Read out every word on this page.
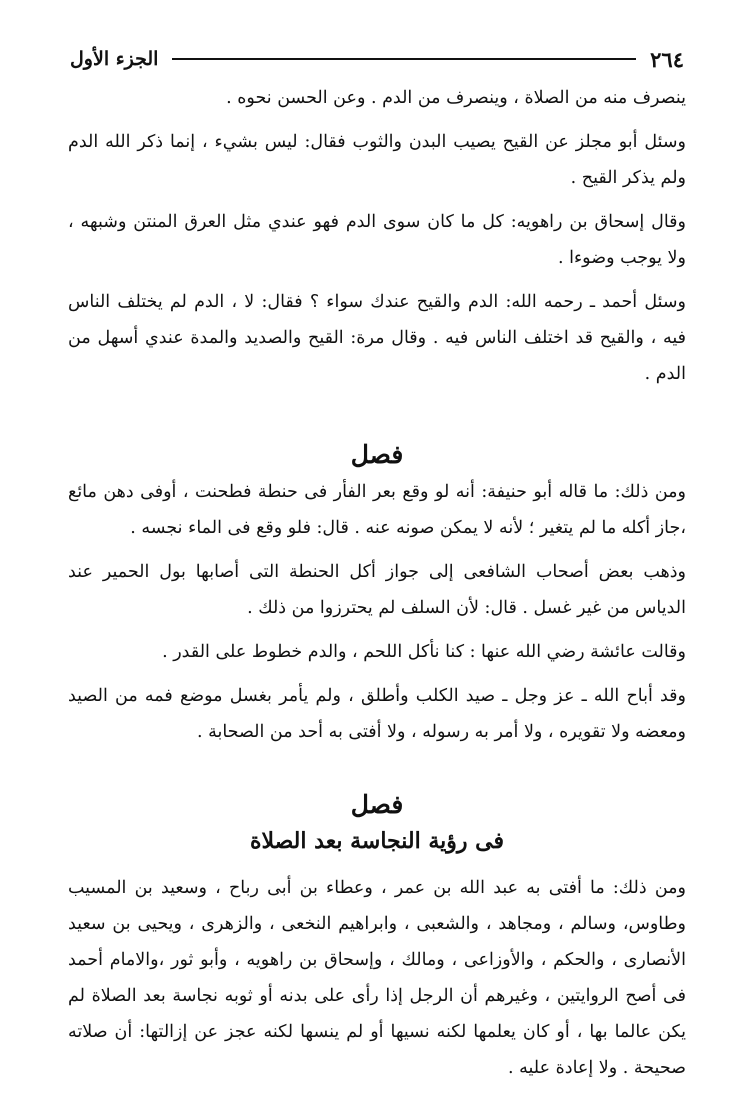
٢٦٤
الجزء الأول

ينصرف منه من الصلاة ، وينصرف من الدم . وعن الحسن نحوه .

وسئل أبو مجلز عن القيح يصيب البدن والثوب فقال: ليس بشيء ، إنما ذكر الله الدم ولم يذكر القيح .

وقال إسحاق بن راهويه: كل ما كان سوى الدم فهو عندي مثل العرق المنتن وشبهه ، ولا يوجب وضوءا .

وسئل أحمد ـ رحمه الله: الدم والقيح عندك سواء ؟ فقال: لا ، الدم لم يختلف الناس فيه ، والقيح قد اختلف الناس فيه . وقال مرة: القيح والصديد والمدة عندي أسهل من الدم .

فصل

ومن ذلك: ما قاله أبو حنيفة: أنه لو وقع بعر الفأر فى حنطة فطحنت ، أوفى دهن مائع ،جاز أكله ما لم يتغير ؛ لأنه لا يمكن صونه عنه . قال: فلو وقع فى الماء نجسه .

وذهب بعض أصحاب الشافعى إلى جواز أكل الحنطة التى أصابها بول الحمير عند الدياس من غير غسل . قال: لأن السلف لم يحترزوا من ذلك .

وقالت عائشة رضي الله عنها : كنا نأكل اللحم ، والدم خطوط على القدر .

وقد أباح الله ـ عز وجل ـ صيد الكلب وأطلق ، ولم يأمر بغسل موضع فمه من الصيد ومعضه ولا تقويره ، ولا أمر به رسوله ، ولا أفتى به أحد من الصحابة .

فصل
فى رؤية النجاسة بعد الصلاة

ومن ذلك: ما أفتى به عبد الله بن عمر ، وعطاء بن أبى رباح ، وسعيد بن المسيب وطاوس، وسالم ، ومجاهد ، والشعبى ، وابراهيم النخعى ، والزهرى ، ويحيى بن سعيد الأنصارى ، والحكم ، والأوزاعى ، ومالك ، وإسحاق بن راهويه ، وأبو ثور ،والامام أحمد فى أصح الروايتين ، وغيرهم أن الرجل إذا رأى على بدنه أو ثوبه نجاسة بعد الصلاة لم يكن عالما بها ، أو كان يعلمها لكنه نسيها أو لم ينسها لكنه عجز عن إزالتها: أن صلاته صحيحة . ولا إعادة عليه .
